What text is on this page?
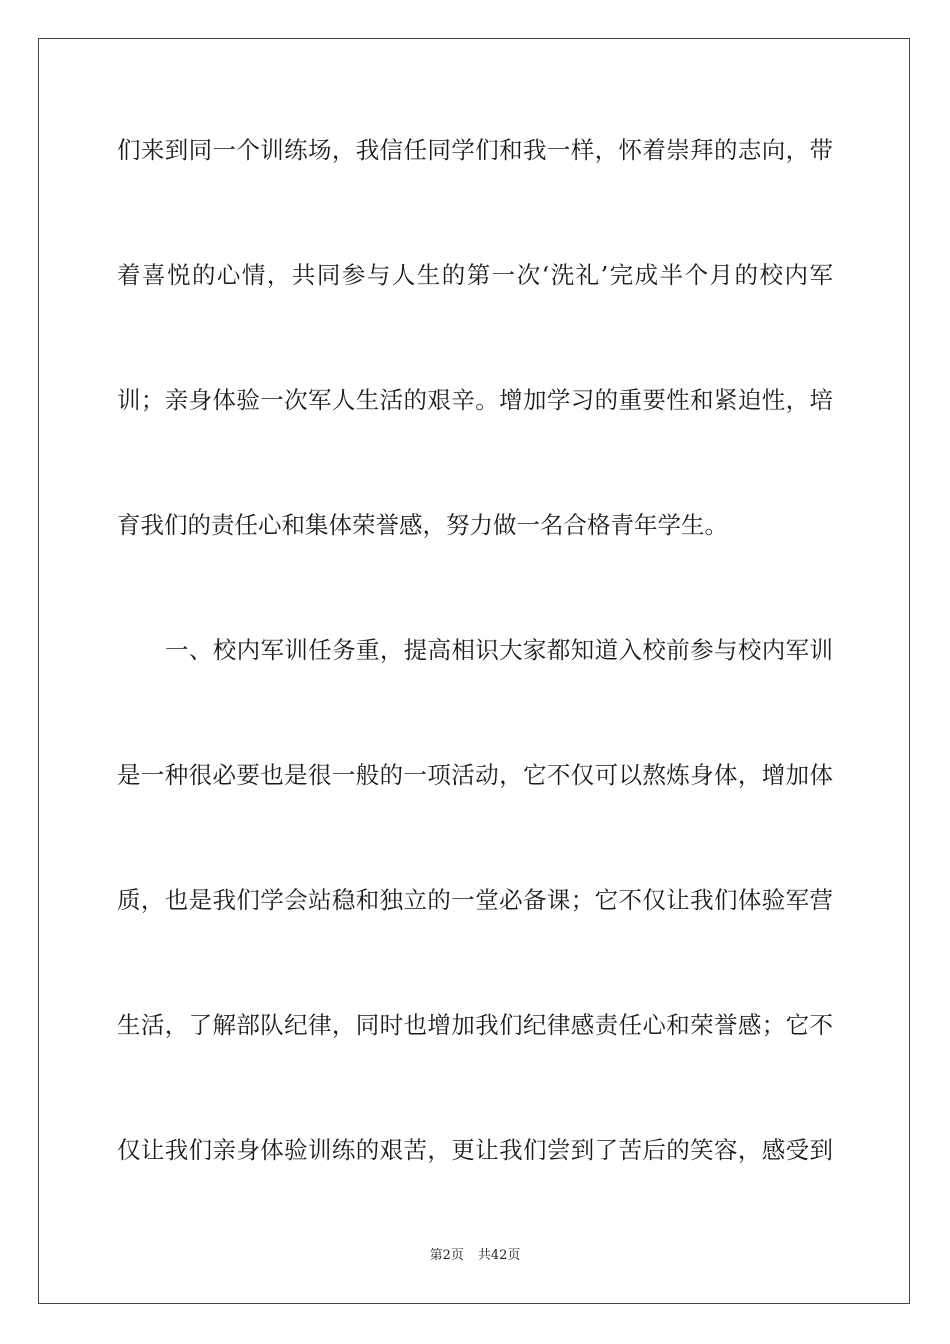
们来到同一个训练场，我信任同学们和我一样，怀着崇拜的志向，带
着喜悦的心情，共同参与人生的第一次‘洗礼’完成半个月的校内军
训；亲身体验一次军人生活的艰辛。增加学习的重要性和紧迫性，培
育我们的责任心和集体荣誉感，努力做一名合格青年学生。
一、校内军训任务重，提高相识大家都知道入校前参与校内军训
是一种很必要也是很一般的一项活动，它不仅可以熬炼身体，增加体
质，也是我们学会站稳和独立的一堂必备课；它不仅让我们体验军营
生活，了解部队纪律，同时也增加我们纪律感责任心和荣誉感；它不
仅让我们亲身体验训练的艰苦，更让我们尝到了苦后的笑容，感受到
第2页 共42页
